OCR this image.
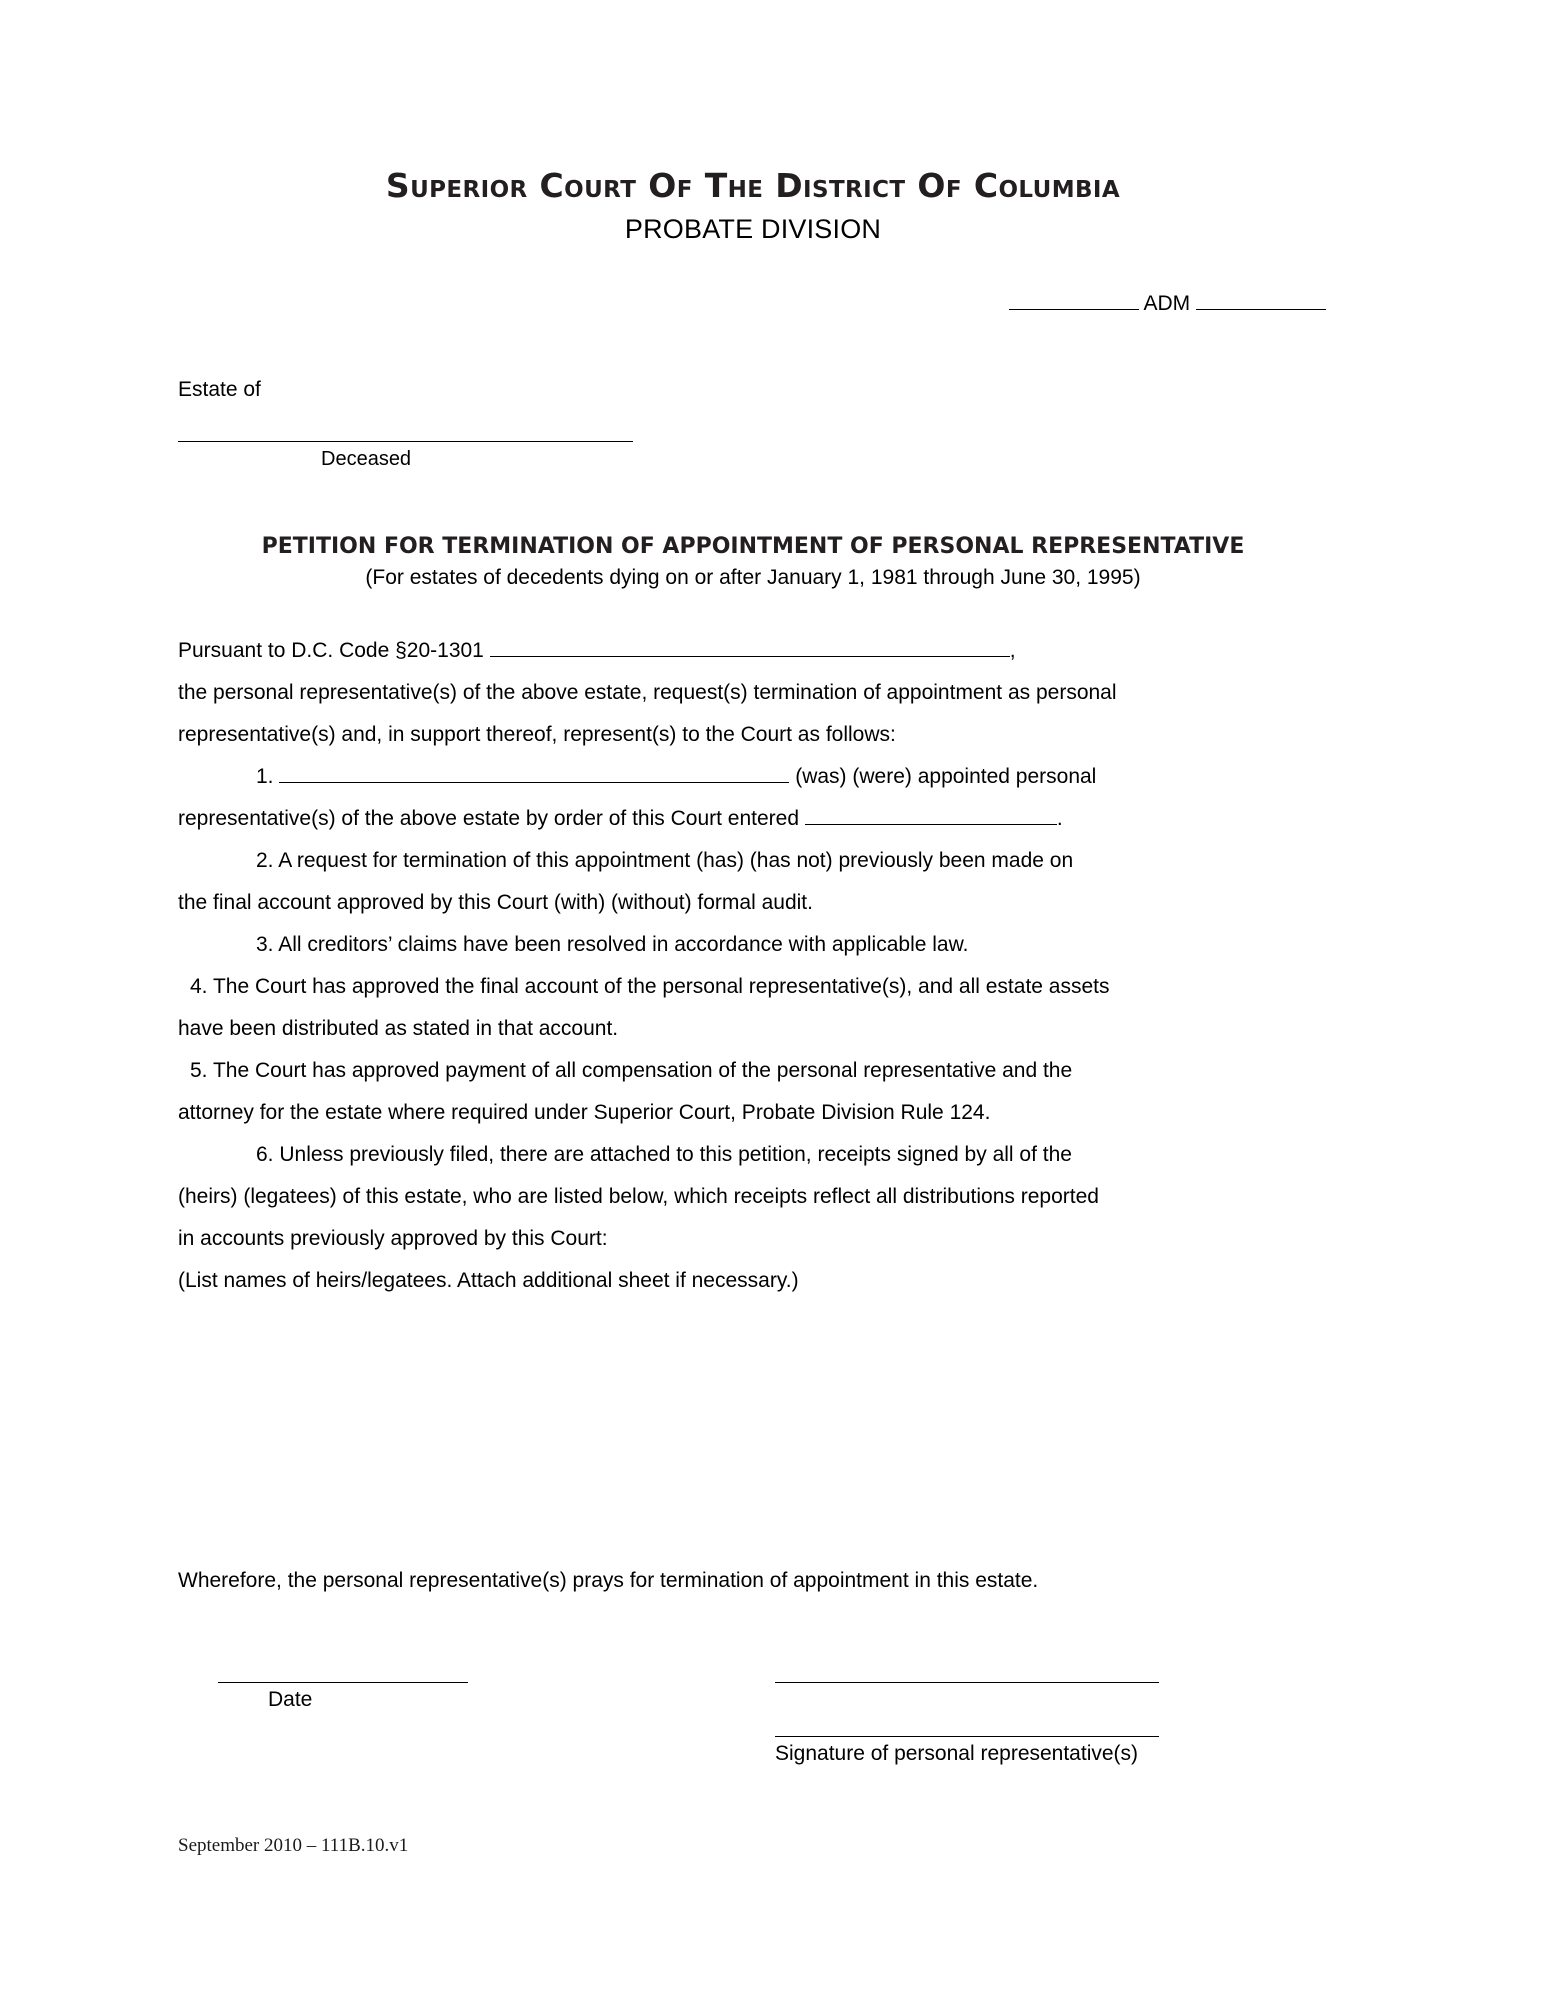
Superior Court Of The District Of Columbia
PROBATE DIVISION
ADM
Estate of
Deceased
PETITION FOR TERMINATION OF APPOINTMENT OF PERSONAL REPRESENTATIVE
(For estates of decedents dying on or after January 1, 1981 through June 30, 1995)

Pursuant to D.C. Code §20-1301	,

the personal representative(s) of the above estate, request(s) termination of appointment as personal

representative(s) and, in support thereof, represent(s) to the Court as follows:

1.	(was) (were) appointed personal

representative(s) of the above estate by order of this Court entered	.

2. A request for termination of this appointment (has) (has not) previously been made on

the final account approved by this Court (with) (without) formal audit.

3. All creditors’ claims have been resolved in accordance with applicable law.

4. The Court has approved the final account of the personal representative(s), and all estate assets

have been distributed as stated in that account.

5. The Court has approved payment of all compensation of the personal representative and the

attorney for the estate where required under Superior Court, Probate Division Rule 124.

6. Unless previously filed, there are attached to this petition, receipts signed by all of the

(heirs) (legatees) of this estate, who are listed below, which receipts reflect all distributions reported

in accounts previously approved by this Court:

(List names of heirs/legatees. Attach additional sheet if necessary.)

Wherefore, the personal representative(s) prays for termination of appointment in this estate.

Date
Signature of personal representative(s)
September 2010 – 111B.10.v1
